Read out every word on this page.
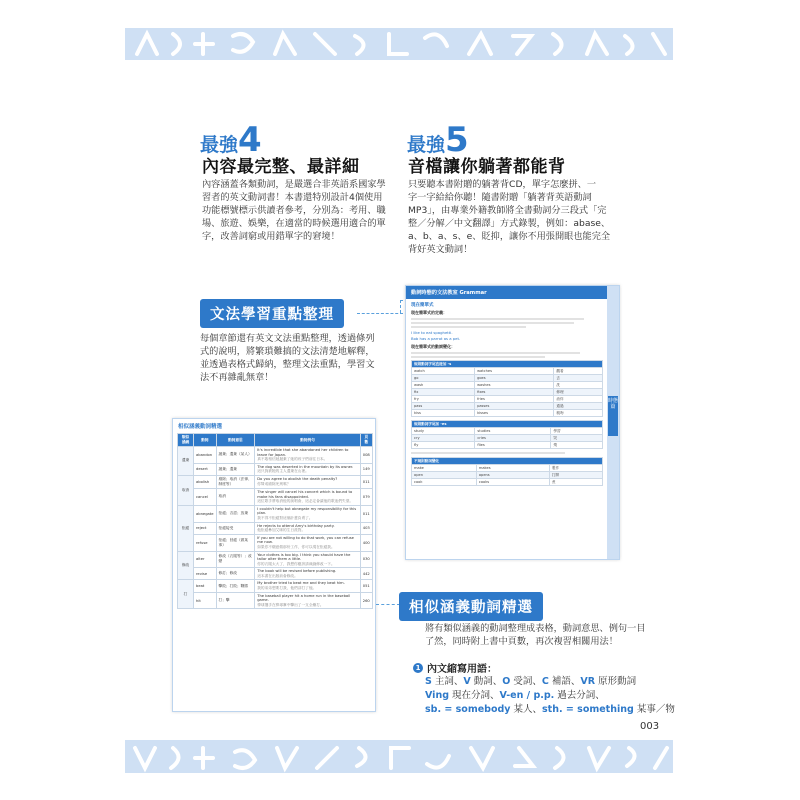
最強 4
內容最完整、最詳細
內容涵蓋各類動詞，是嚴選合非英語系國家學
習者的英文動詞書！本書還特別設計4個使用
功能標號標示供讀者參考，分別為：考用、職
場、旅遊、娛樂，在適當的時候選用適合的單
字，改善詞窮或用錯單字的窘境！
最強 5
音檔讓你躺著都能背
只要聽本書附贈的躺著背CD，單字怎麼拼、一
字一字給給你聽！隨書附贈「躺著背英語動詞
MP3」，由專業外籍教師將全書動詞分三段式「完
整／分解／中文翻譯」方式錄製，例如：abase、
a、b、a、s、e、貶抑，讓你不用張開眼也能完全
背好英文動詞！
文法學習重點整理
每個章節還有英文文法重點整理，透過條列
式的說明，將繁瑣難搞的文法清楚地解釋，
並透過表格式歸納，整理文法重點，學習文
法不再雜亂無章！
動詞時態的文法教室 Grammar
現在簡單式
現在簡單式的定義：
I like to eat spaghetti.
Bob has a parrot as a pet.
現在簡單式的動詞變化：
規則動詞字尾直接加 -s		
watch	watches	觀看
go	goes	去
wash	washes	洗
fix	fixes	修理
fry	fries	油炸
pass	passes	通過
kiss	kisses	親吻
規則動詞字尾加 -es		
study	studies	學習
cry	cries	哭
fly	flies	飛
不規則動詞變化		
make	makes	製作
open	opens	打開
cook	cooks	煮
時態篇
相似涵義動詞精選
類似涵義	動詞	動詞意思	動詞例句	頁數
遺棄	abandon	拋棄；遺棄（某人）	It's incredible that she abandoned her children to leave for Japan.
真不敢相信她拋棄了她的孩子們前往日本。	008
	desert	拋棄；遺棄	The dog was deserted in the mountain by its owner.
這只狗被牠的主人遺棄在山裡。	149
取消	abolish	廢除；取消（法律、制度等）	Do you agree to abolish the death penalty?
你贊成廢除死刑嗎？	011
	cancel	取消	The singer will cancel his concert which is bound to make his fans disappointed.
這位歌手將取消他的演唱會，這必定會讓他的歌迷們失望。	079
拒絕	abnegate	拒絕；否認；放棄	I couldn't help but abnegate my responsibility for this plan.
我不得不拒絕對這個計畫負責了。	011
	reject	拒絕接受	He rejects to attend Amy's birthday party.
他拒絕參加艾咪的生日派對。	403
	refuse	拒絕；回絕（做某事）	If you are not willing to do that work, you can refuse me now.
如果你不願意做那份工作，你可以現在拒絕我。	400
修改	alter	修改（衣服等）；改變	Your clothes is too big. I think you should have the tailor alter them a little.
你的衣服太大了，我想你應該請裁縫修改一下。	030
	revise	修訂；修改	The book will be revised before publishing.
這本書在出版前會修改。	442
打	beat	擊敗；打敗；戰勝	My brother tried to beat me and they beat him.
我的弟弟想要打我，他們卻打了他。	051
	hit	打；擊	The baseball player hit a home run in the baseball game.
棒球選手在棒球賽中擊出了一支全壘打。	260	相似涵義動詞精選
將有類似涵義的動詞整理成表格，動詞意思、例句一目
了然，同時附上書中頁數，再次複習相關用法！
1 內文縮寫用語：
S 主詞、V 動詞、O 受詞、C 補語、VR 原形動詞
Ving 現在分詞、V-en / p.p. 過去分詞、
sb. = somebody 某人、sth. = something 某事／物
003
